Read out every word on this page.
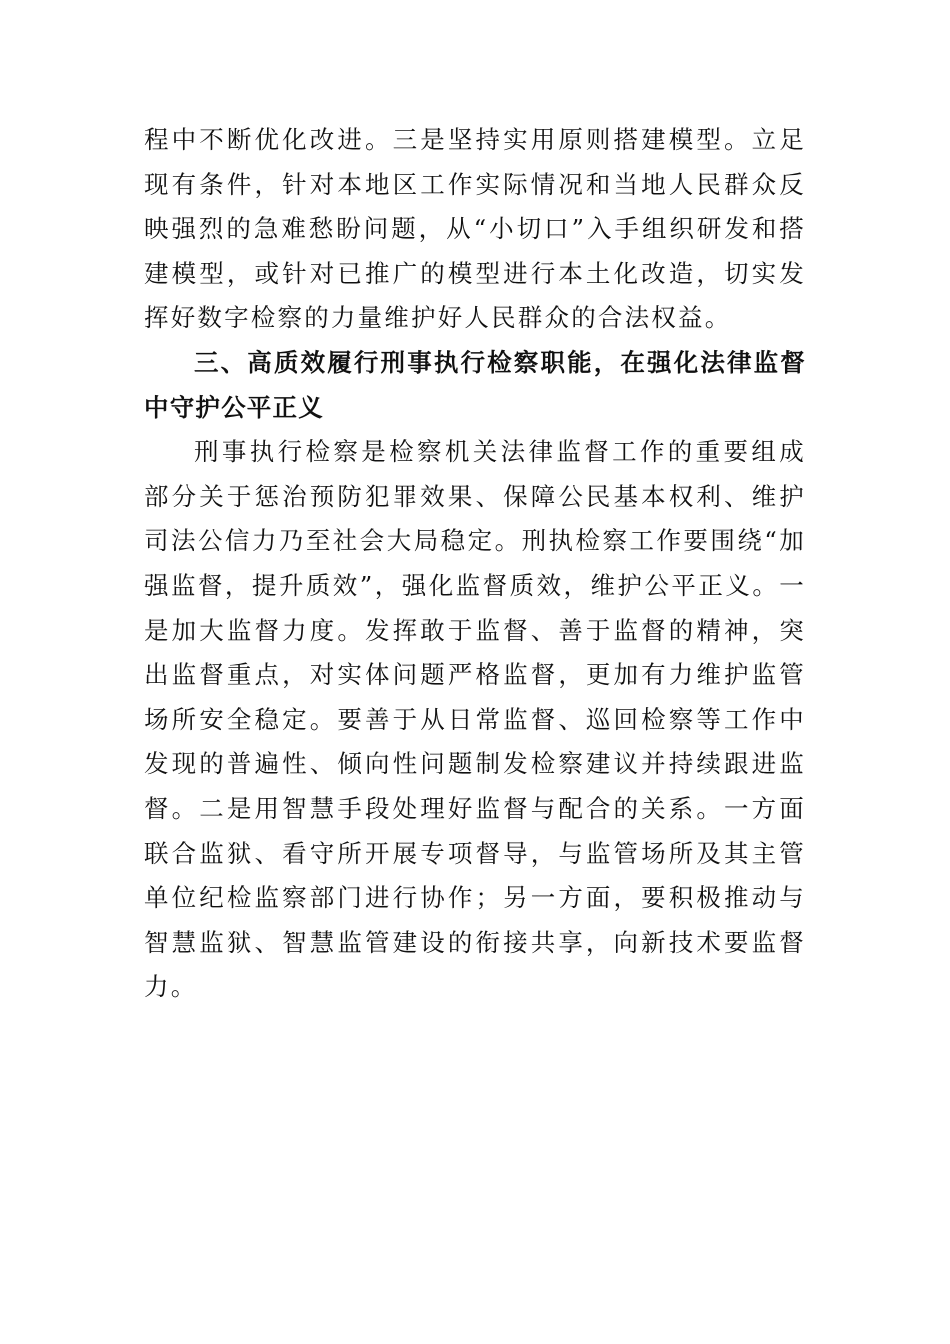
程中不断优化改进。三是坚持实用原则搭建模型。立足现有条件，针对本地区工作实际情况和当地人民群众反映强烈的急难愁盼问题，从“小切口”入手组织研发和搭建模型，或针对已推广的模型进行本土化改造，切实发挥好数字检察的力量维护好人民群众的合法权益。

三、高质效履行刑事执行检察职能，在强化法律监督中守护公平正义

刑事执行检察是检察机关法律监督工作的重要组成部分关于惩治预防犯罪效果、保障公民基本权利、维护司法公信力乃至社会大局稳定。刑执检察工作要围绕“加强监督，提升质效”，强化监督质效，维护公平正义。一是加大监督力度。发挥敢于监督、善于监督的精神，突出监督重点，对实体问题严格监督，更加有力维护监管场所安全稳定。要善于从日常监督、巡回检察等工作中发现的普遍性、倾向性问题制发检察建议并持续跟进监督。二是用智慧手段处理好监督与配合的关系。一方面联合监狱、看守所开展专项督导，与监管场所及其主管单位纪检监察部门进行协作；另一方面，要积极推动与智慧监狱、智慧监管建设的衔接共享，向新技术要监督力。
